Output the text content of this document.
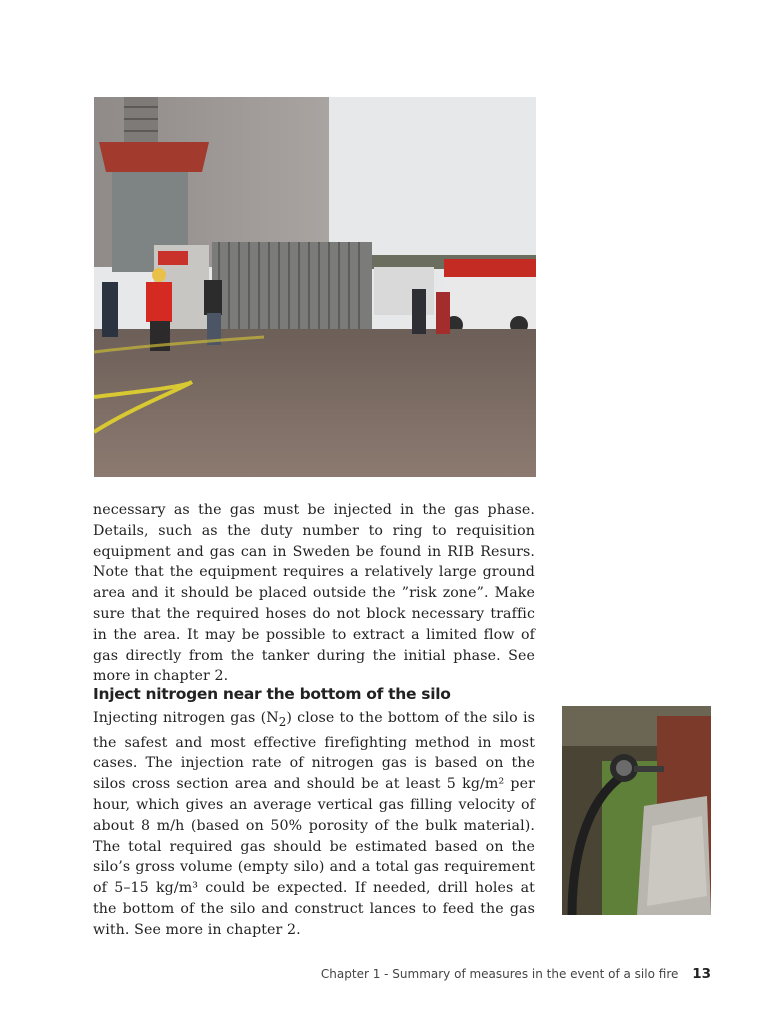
necessary as the gas must be injected in the gas phase. Details, such as the duty number to ring to requisition equipment and gas can in Sweden be found in RIB Resurs. Note that the equipment requires a relatively large ground area and it should be placed outside the ”risk zone”. Make sure that the required hoses do not block necessary traffic in the area. It may be possible to extract a limited flow of gas directly from the tanker during the initial phase. See more in chapter 2.

Inject nitrogen near the bottom of the silo

Injecting nitrogen gas $(N_2)$ close to the bottom of the silo is the safest and most effective firefighting method in most cases. The injection rate of nitrogen gas is based on the silos cross section area and should be at least 5 kg/m² per hour, which gives an average vertical gas filling velocity of about 8 m/h (based on 50% porosity of the bulk material). The total required gas should be estimated based on the silo’s gross volume (empty silo) and a total gas requirement of 5–15 kg/m³ could be expected. If needed, drill holes at the bottom of the silo and construct lances to feed the gas with. See more in chapter 2.

Chapter 1 - Summary of measures in the event of a silo fire 13
